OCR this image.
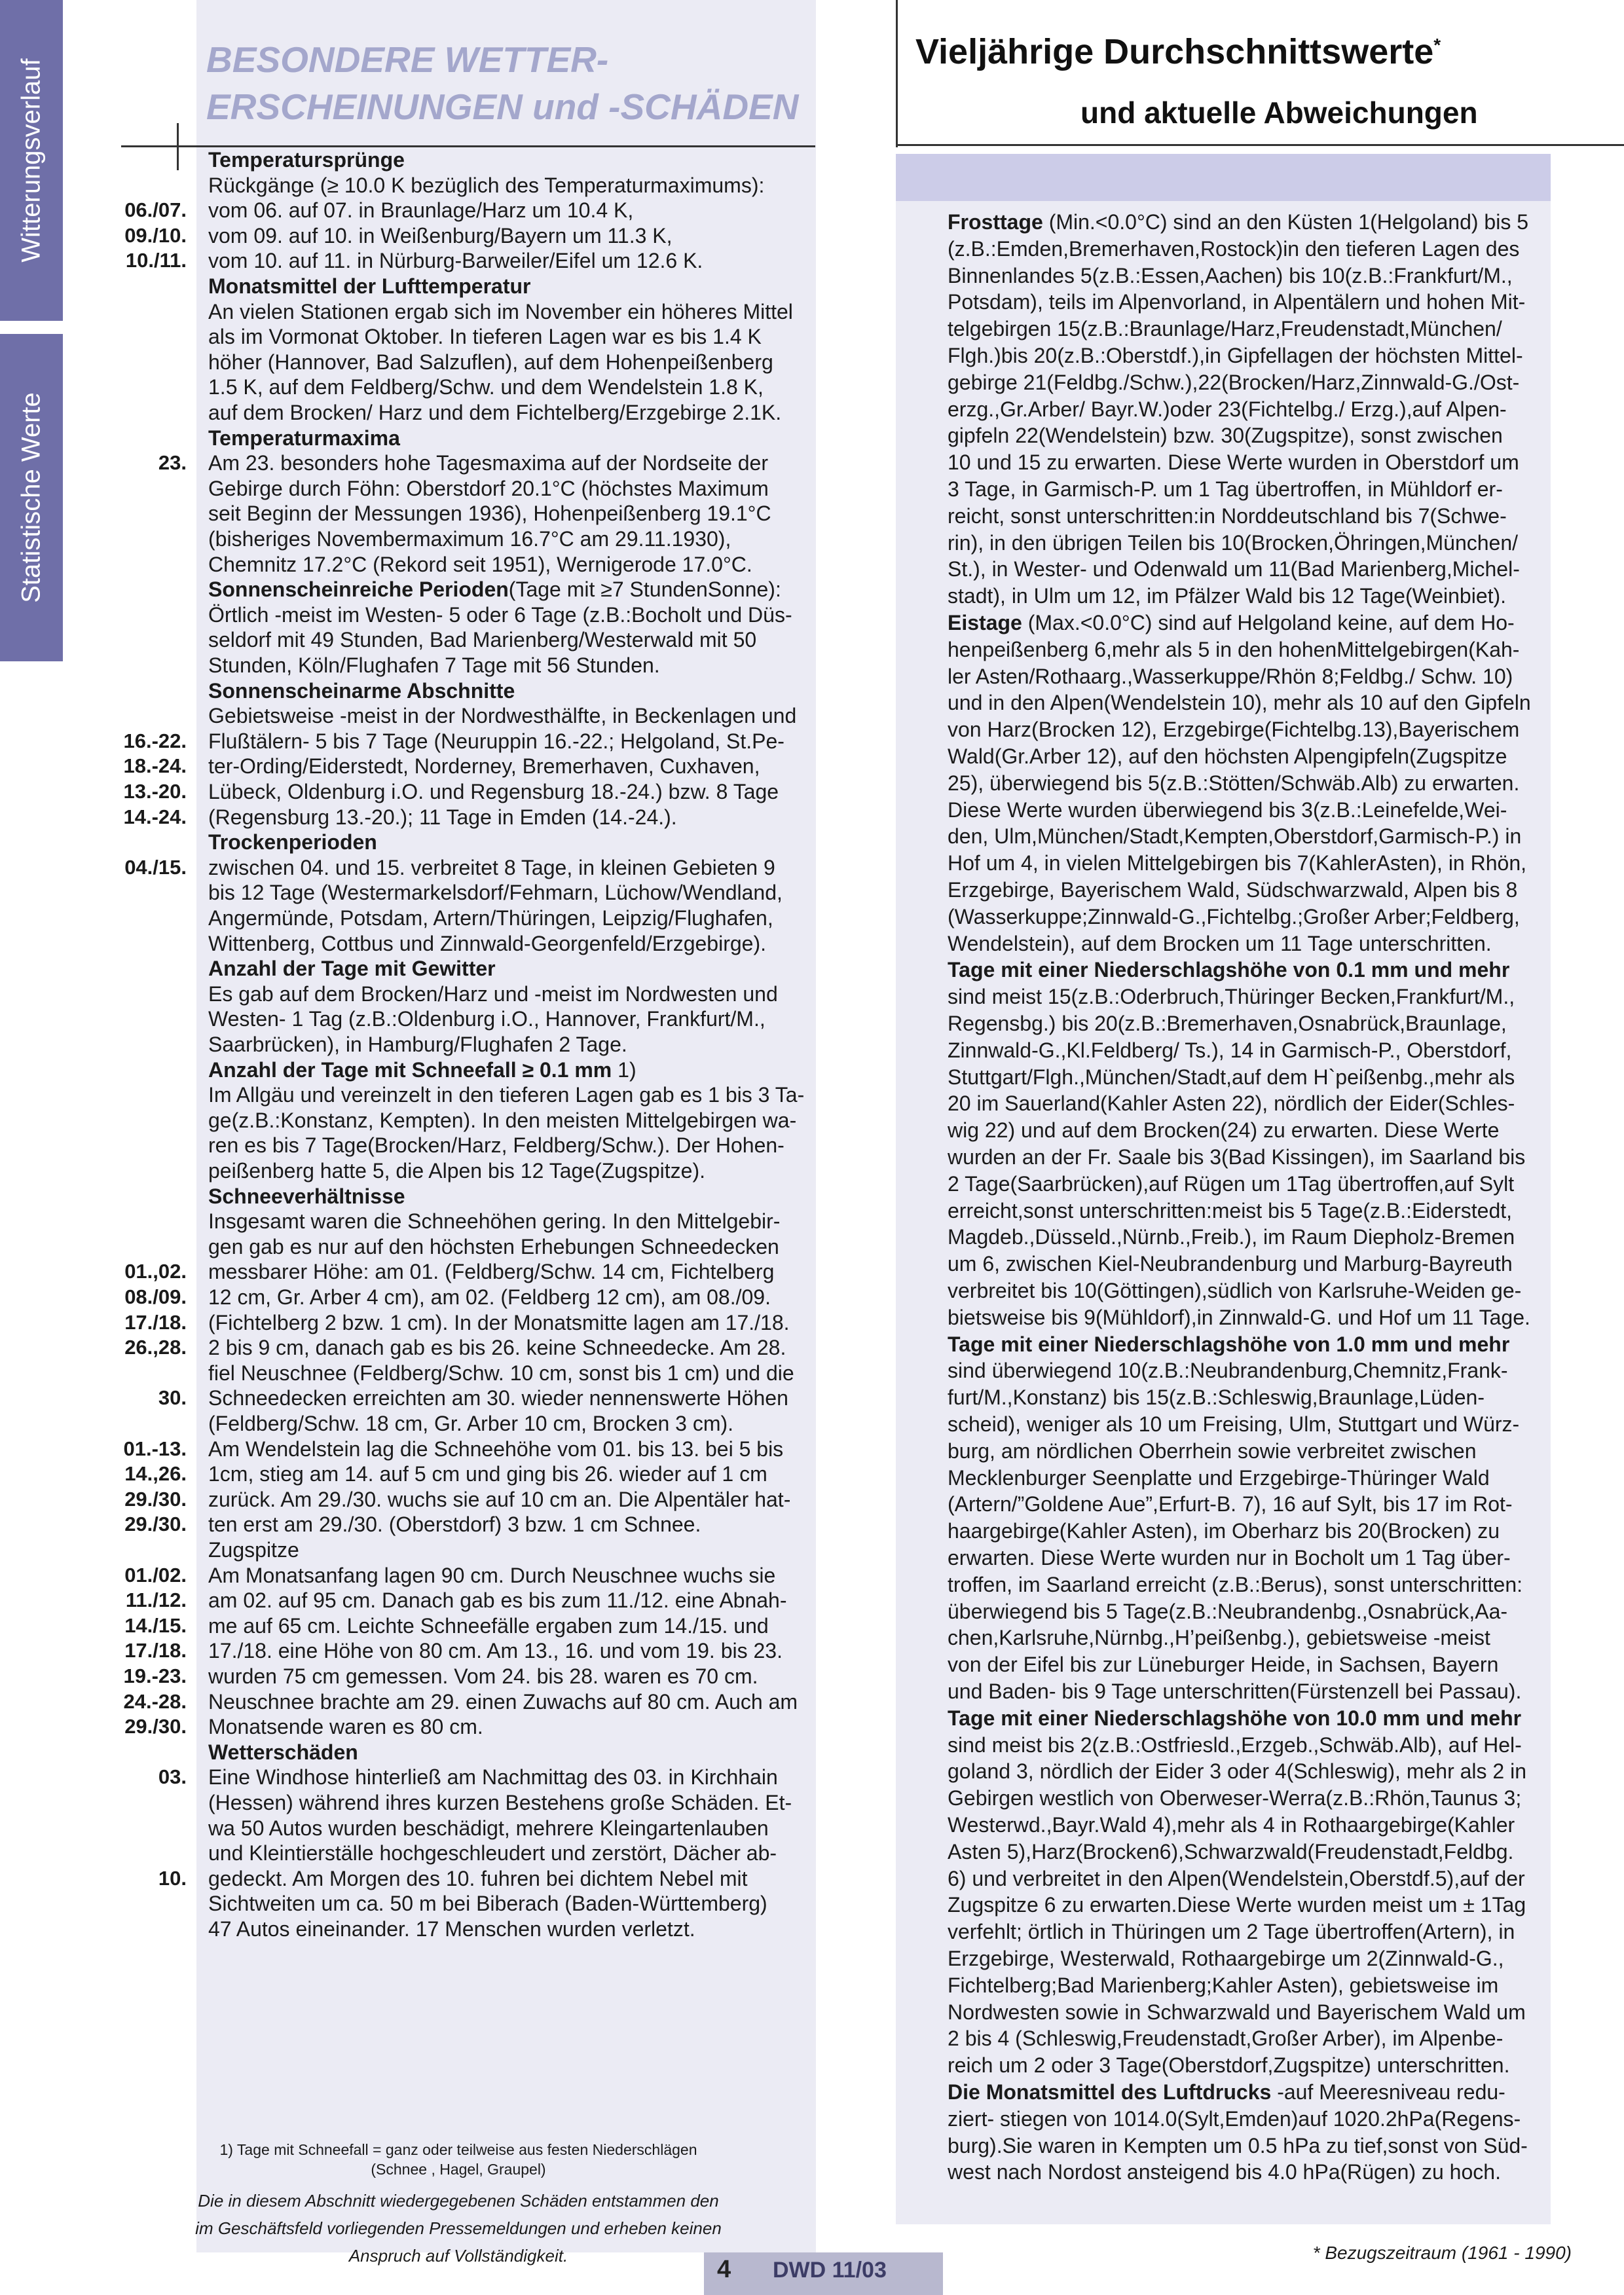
Witterungsverlauf
Statistische Werte
BESONDERE WETTER-
ERSCHEINUNGEN und -SCHÄDEN
Temperatursprünge
Rückgänge (≥ 10.0 K bezüglich des Temperaturmaximums):
06./07. vom 06. auf 07. in Braunlage/Harz um 10.4 K,
09./10. vom 09. auf 10. in Weißenburg/Bayern um 11.3 K,
10./11. vom 10. auf 11. in Nürburg-Barweiler/Eifel um 12.6 K.
Monatsmittel der Lufttemperatur
An vielen Stationen ergab sich im November ein höheres Mittel
als im Vormonat Oktober. In tieferen Lagen war es bis 1.4 K
höher (Hannover, Bad Salzuflen), auf dem Hohenpeißenberg
1.5 K, auf dem Feldberg/Schw. und dem Wendelstein 1.8 K,
auf dem Brocken/ Harz und dem Fichtelberg/Erzgebirge 2.1K.
Temperaturmaxima
23. Am 23. besonders hohe Tagesmaxima auf der Nordseite der
Gebirge durch Föhn: Oberstdorf 20.1°C (höchstes Maximum
seit Beginn der Messungen 1936), Hohenpeißenberg 19.1°C
(bisheriges Novembermaximum 16.7°C am 29.11.1930),
Chemnitz 17.2°C (Rekord seit 1951), Wernigerode 17.0°C.
Sonnenscheinreiche Perioden(Tage mit ≥7 StundenSonne):
Örtlich -meist im Westen- 5 oder 6 Tage (z.B.:Bocholt und Düs-
seldorf mit 49 Stunden, Bad Marienberg/Westerwald mit 50
Stunden, Köln/Flughafen 7 Tage mit 56 Stunden.
Sonnenscheinarme Abschnitte
Gebietsweise -meist in der Nordwesthälfte, in Beckenlagen und
16.-22. Flußtälern- 5 bis 7 Tage (Neuruppin 16.-22.; Helgoland, St.Pe-
18.-24. ter-Ording/Eiderstedt, Norderney, Bremerhaven, Cuxhaven,
13.-20. Lübeck, Oldenburg i.O. und Regensburg 18.-24.) bzw. 8 Tage
14.-24. (Regensburg 13.-20.); 11 Tage in Emden (14.-24.).
Trockenperioden
04./15. zwischen 04. und 15. verbreitet 8 Tage, in kleinen Gebieten 9
bis 12 Tage (Westermarkelsdorf/Fehmarn, Lüchow/Wendland,
Angermünde, Potsdam, Artern/Thüringen, Leipzig/Flughafen,
Wittenberg, Cottbus und Zinnwald-Georgenfeld/Erzgebirge).
Anzahl der Tage mit Gewitter
Es gab auf dem Brocken/Harz und -meist im Nordwesten und
Westen- 1 Tag (z.B.:Oldenburg i.O., Hannover, Frankfurt/M.,
Saarbrücken), in Hamburg/Flughafen 2 Tage.
Anzahl der Tage mit Schneefall ≥ 0.1 mm 1)
Im Allgäu und vereinzelt in den tieferen Lagen gab es 1 bis 3 Ta-
ge(z.B.:Konstanz, Kempten). In den meisten Mittelgebirgen wa-
ren es bis 7 Tage(Brocken/Harz, Feldberg/Schw.). Der Hohen-
peißenberg hatte 5, die Alpen bis 12 Tage(Zugspitze).
Schneeverhältnisse
Insgesamt waren die Schneehöhen gering. In den Mittelgebir-
gen gab es nur auf den höchsten Erhebungen Schneedecken
01.,02. messbarer Höhe: am 01. (Feldberg/Schw. 14 cm, Fichtelberg
08./09. 12 cm, Gr. Arber 4 cm), am 02. (Feldberg 12 cm), am 08./09.
17./18. (Fichtelberg 2 bzw. 1 cm). In der Monatsmitte lagen am 17./18.
26.,28. 2 bis 9 cm, danach gab es bis 26. keine Schneedecke. Am 28.
fiel Neuschnee (Feldberg/Schw. 10 cm, sonst bis 1 cm) und die
30. Schneedecken erreichten am 30. wieder nennenswerte Höhen
(Feldberg/Schw. 18 cm, Gr. Arber 10 cm, Brocken 3 cm).
01.-13. Am Wendelstein lag die Schneehöhe vom 01. bis 13. bei 5 bis
14.,26. 1cm, stieg am 14. auf 5 cm und ging bis 26. wieder auf 1 cm
29./30. zurück. Am 29./30. wuchs sie auf 10 cm an. Die Alpentäler hat-
29./30. ten erst am 29./30. (Oberstdorf) 3 bzw. 1 cm Schnee.
Zugspitze
01./02. Am Monatsanfang lagen 90 cm. Durch Neuschnee wuchs sie
11./12. am 02. auf 95 cm. Danach gab es bis zum 11./12. eine Abnah-
14./15. me auf 65 cm. Leichte Schneefälle ergaben zum 14./15. und
17./18. 17./18. eine Höhe von 80 cm. Am 13., 16. und vom 19. bis 23.
19.-23. wurden 75 cm gemessen. Vom 24. bis 28. waren es 70 cm.
24.-28. Neuschnee brachte am 29. einen Zuwachs auf 80 cm. Auch am
29./30. Monatsende waren es 80 cm.
Wetterschäden
03. Eine Windhose hinterließ am Nachmittag des 03. in Kirchhain
(Hessen) während ihres kurzen Bestehens große Schäden. Et-
wa 50 Autos wurden beschädigt, mehrere Kleingartenlauben
und Kleintierställe hochgeschleudert und zerstört, Dächer ab-
10. gedeckt. Am Morgen des 10. fuhren bei dichtem Nebel mit
Sichtweiten um ca. 50 m bei Biberach (Baden-Württemberg)
47 Autos eineinander. 17 Menschen wurden verletzt.
1) Tage mit Schneefall = ganz oder teilweise aus festen Niederschlägen
(Schnee , Hagel, Graupel)
Die in diesem Abschnitt wiedergegebenen Schäden entstammen den
im Geschäftsfeld vorliegenden Pressemeldungen und erheben keinen
Anspruch auf Vollständigkeit.
Vieljährige Durchschnittswerte*
und aktuelle Abweichungen
Frosttage (Min.<0.0°C) sind an den Küsten 1(Helgoland) bis 5
(z.B.:Emden,Bremerhaven,Rostock)in den tieferen Lagen des
Binnenlandes 5(z.B.:Essen,Aachen) bis 10(z.B.:Frankfurt/M.,
Potsdam), teils im Alpenvorland, in Alpentälern und hohen Mit-
telgebirgen 15(z.B.:Braunlage/Harz,Freudenstadt,München/
Flgh.)bis 20(z.B.:Oberstdf.),in Gipfellagen der höchsten Mittel-
gebirge 21(Feldbg./Schw.),22(Brocken/Harz,Zinnwald-G./Ost-
erzg.,Gr.Arber/ Bayr.W.)oder 23(Fichtelbg./ Erzg.),auf Alpen-
gipfeln 22(Wendelstein) bzw. 30(Zugspitze), sonst zwischen
10 und 15 zu erwarten. Diese Werte wurden in Oberstdorf um
3 Tage, in Garmisch-P. um 1 Tag übertroffen, in Mühldorf er-
reicht, sonst unterschritten:in Norddeutschland bis 7(Schwe-
rin), in den übrigen Teilen bis 10(Brocken,Öhringen,München/
St.), in Wester- und Odenwald um 11(Bad Marienberg,Michel-
stadt), in Ulm um 12, im Pfälzer Wald bis 12 Tage(Weinbiet).
Eistage (Max.<0.0°C) sind auf Helgoland keine, auf dem Ho-
henpeißenberg 6,mehr als 5 in den hohenMittelgebirgen(Kah-
ler Asten/Rothaarg.,Wasserkuppe/Rhön 8;Feldbg./ Schw. 10)
und in den Alpen(Wendelstein 10), mehr als 10 auf den Gipfeln
von Harz(Brocken 12), Erzgebirge(Fichtelbg.13),Bayerischem
Wald(Gr.Arber 12), auf den höchsten Alpengipfeln(Zugspitze
25), überwiegend bis 5(z.B.:Stötten/Schwäb.Alb) zu erwarten.
Diese Werte wurden überwiegend bis 3(z.B.:Leinefelde,Wei-
den, Ulm,München/Stadt,Kempten,Oberstdorf,Garmisch-P.) in
Hof um 4, in vielen Mittelgebirgen bis 7(KahlerAsten), in Rhön,
Erzgebirge, Bayerischem Wald, Südschwarzwald, Alpen bis 8
(Wasserkuppe;Zinnwald-G.,Fichtelbg.;Großer Arber;Feldberg,
Wendelstein), auf dem Brocken um 11 Tage unterschritten.
Tage mit einer Niederschlagshöhe von 0.1 mm und mehr
sind meist 15(z.B.:Oderbruch,Thüringer Becken,Frankfurt/M.,
Regensbg.) bis 20(z.B.:Bremerhaven,Osnabrück,Braunlage,
Zinnwald-G.,Kl.Feldberg/ Ts.), 14 in Garmisch-P., Oberstdorf,
Stuttgart/Flgh.,München/Stadt,auf dem H`peißenbg.,mehr als
20 im Sauerland(Kahler Asten 22), nördlich der Eider(Schles-
wig 22) und auf dem Brocken(24) zu erwarten. Diese Werte
wurden an der Fr. Saale bis 3(Bad Kissingen), im Saarland bis
2 Tage(Saarbrücken),auf Rügen um 1Tag übertroffen,auf Sylt
erreicht,sonst unterschritten:meist bis 5 Tage(z.B.:Eiderstedt,
Magdeb.,Düsseld.,Nürnb.,Freib.), im Raum Diepholz-Bremen
um 6, zwischen Kiel-Neubrandenburg und Marburg-Bayreuth
verbreitet bis 10(Göttingen),südlich von Karlsruhe-Weiden ge-
bietsweise bis 9(Mühldorf),in Zinnwald-G. und Hof um 11 Tage.
Tage mit einer Niederschlagshöhe von 1.0 mm und mehr
sind überwiegend 10(z.B.:Neubrandenburg,Chemnitz,Frank-
furt/M.,Konstanz) bis 15(z.B.:Schleswig,Braunlage,Lüden-
scheid), weniger als 10 um Freising, Ulm, Stuttgart und Würz-
burg, am nördlichen Oberrhein sowie verbreitet zwischen
Mecklenburger Seenplatte und Erzgebirge-Thüringer Wald
(Artern/”Goldene Aue”,Erfurt-B. 7), 16 auf Sylt, bis 17 im Rot-
haargebirge(Kahler Asten), im Oberharz bis 20(Brocken) zu
erwarten. Diese Werte wurden nur in Bocholt um 1 Tag über-
troffen, im Saarland erreicht (z.B.:Berus), sonst unterschritten:
überwiegend bis 5 Tage(z.B.:Neubrandenbg.,Osnabrück,Aa-
chen,Karlsruhe,Nürnbg.,H’peißenbg.), gebietsweise -meist
von der Eifel bis zur Lüneburger Heide, in Sachsen, Bayern
und Baden- bis 9 Tage unterschritten(Fürstenzell bei Passau).
Tage mit einer Niederschlagshöhe von 10.0 mm und mehr
sind meist bis 2(z.B.:Ostfriesld.,Erzgeb.,Schwäb.Alb), auf Hel-
goland 3, nördlich der Eider 3 oder 4(Schleswig), mehr als 2 in
Gebirgen westlich von Oberweser-Werra(z.B.:Rhön,Taunus 3;
Westerwd.,Bayr.Wald 4),mehr als 4 in Rothaargebirge(Kahler
Asten 5),Harz(Brocken6),Schwarzwald(Freudenstadt,Feldbg.
6) und verbreitet in den Alpen(Wendelstein,Oberstdf.5),auf der
Zugspitze 6 zu erwarten.Diese Werte wurden meist um ± 1Tag
verfehlt; örtlich in Thüringen um 2 Tage übertroffen(Artern), in
Erzgebirge, Westerwald, Rothaargebirge um 2(Zinnwald-G.,
Fichtelberg;Bad Marienberg;Kahler Asten), gebietsweise im
Nordwesten sowie in Schwarzwald und Bayerischem Wald um
2 bis 4 (Schleswig,Freudenstadt,Großer Arber), im Alpenbe-
reich um 2 oder 3 Tage(Oberstdorf,Zugspitze) unterschritten.
Die Monatsmittel des Luftdrucks -auf Meeresniveau redu-
ziert- stiegen von 1014.0(Sylt,Emden)auf 1020.2hPa(Regens-
burg).Sie waren in Kempten um 0.5 hPa zu tief,sonst von Süd-
west nach Nordost ansteigend bis 4.0 hPa(Rügen) zu hoch.
* Bezugszeitraum (1961 - 1990)
4 DWD 11/03
